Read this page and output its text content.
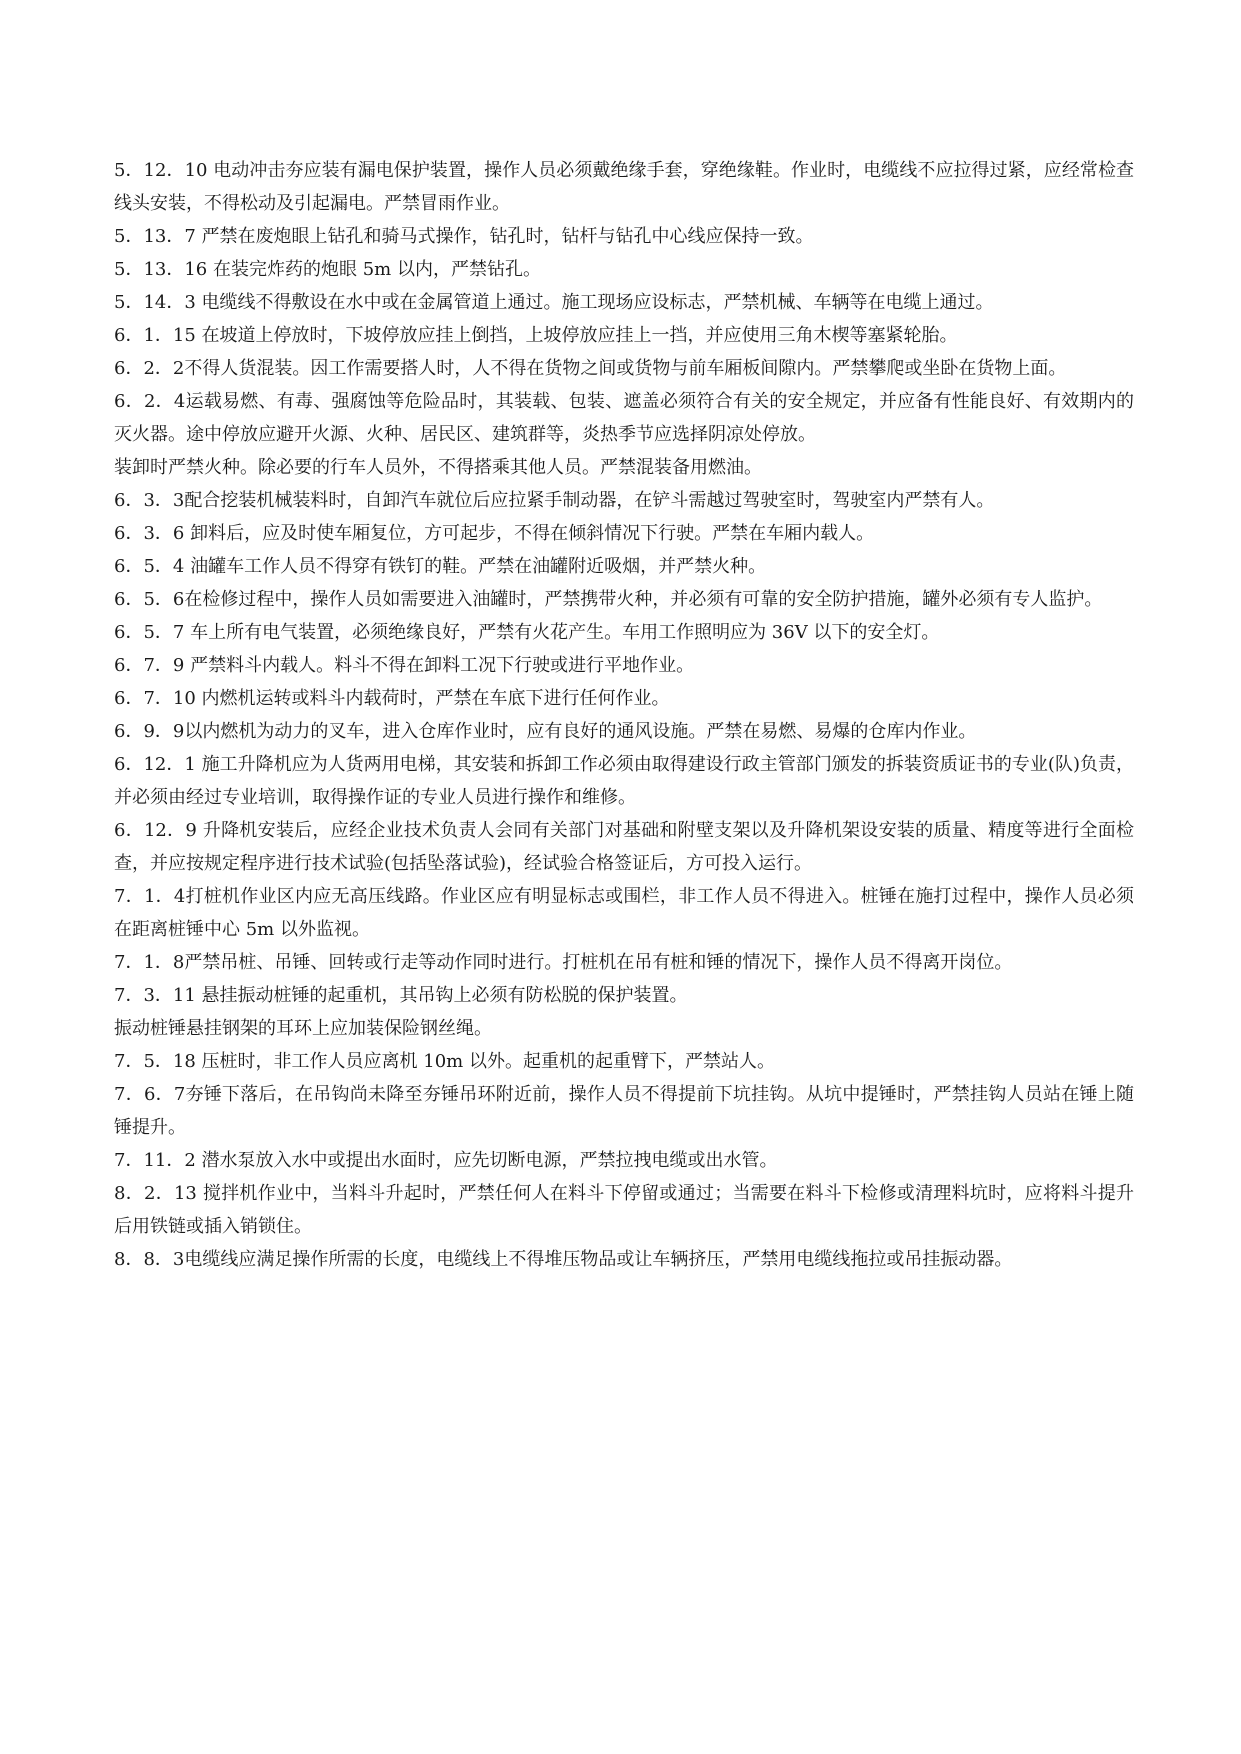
5．12．10 电动冲击夯应装有漏电保护装置，操作人员必须戴绝缘手套，穿绝缘鞋。作业时，电缆线不应拉得过紧，应经常检查线头安装，不得松动及引起漏电。严禁冒雨作业。

5．13．7 严禁在废炮眼上钻孔和骑马式操作，钻孔时，钻杆与钻孔中心线应保持一致。

5．13．16 在装完炸药的炮眼 5m 以内，严禁钻孔。

5．14．3 电缆线不得敷设在水中或在金属管道上通过。施工现场应设标志，严禁机械、车辆等在电缆上通过。

6．1．15 在坡道上停放时，下坡停放应挂上倒挡，上坡停放应挂上一挡，并应使用三角木楔等塞紧轮胎。

6．2．2不得人货混装。因工作需要搭人时，人不得在货物之间或货物与前车厢板间隙内。严禁攀爬或坐卧在货物上面。

6．2．4运载易燃、有毒、强腐蚀等危险品时，其装载、包装、遮盖必须符合有关的安全规定，并应备有性能良好、有效期内的灭火器。途中停放应避开火源、火种、居民区、建筑群等，炎热季节应选择阴凉处停放。

装卸时严禁火种。除必要的行车人员外，不得搭乘其他人员。严禁混装备用燃油。

6．3．3配合挖装机械装料时，自卸汽车就位后应拉紧手制动器，在铲斗需越过驾驶室时，驾驶室内严禁有人。

6．3．6 卸料后，应及时使车厢复位，方可起步，不得在倾斜情况下行驶。严禁在车厢内载人。

6．5．4 油罐车工作人员不得穿有铁钉的鞋。严禁在油罐附近吸烟，并严禁火种。

6．5．6在检修过程中，操作人员如需要进入油罐时，严禁携带火种，并必须有可靠的安全防护措施，罐外必须有专人监护。

6．5．7 车上所有电气装置，必须绝缘良好，严禁有火花产生。车用工作照明应为 36V 以下的安全灯。

6．7．9 严禁料斗内载人。料斗不得在卸料工况下行驶或进行平地作业。

6．7．10 内燃机运转或料斗内载荷时，严禁在车底下进行任何作业。

6．9．9以内燃机为动力的叉车，进入仓库作业时，应有良好的通风设施。严禁在易燃、易爆的仓库内作业。

6．12．1 施工升降机应为人货两用电梯，其安装和拆卸工作必须由取得建设行政主管部门颁发的拆装资质证书的专业(队)负责，并必须由经过专业培训，取得操作证的专业人员进行操作和维修。

6．12．9 升降机安装后，应经企业技术负责人会同有关部门对基础和附壁支架以及升降机架设安装的质量、精度等进行全面检查，并应按规定程序进行技术试验(包括坠落试验)，经试验合格签证后，方可投入运行。

7．1．4打桩机作业区内应无高压线路。作业区应有明显标志或围栏，非工作人员不得进入。桩锤在施打过程中，操作人员必须在距离桩锤中心 5m 以外监视。

7．1．8严禁吊桩、吊锤、回转或行走等动作同时进行。打桩机在吊有桩和锤的情况下，操作人员不得离开岗位。

7．3．11 悬挂振动桩锤的起重机，其吊钩上必须有防松脱的保护装置。

振动桩锤悬挂钢架的耳环上应加装保险钢丝绳。

7．5．18 压桩时，非工作人员应离机 10m 以外。起重机的起重臂下，严禁站人。

7．6．7夯锤下落后，在吊钩尚未降至夯锤吊环附近前，操作人员不得提前下坑挂钩。从坑中提锤时，严禁挂钩人员站在锤上随锤提升。

7．11．2 潜水泵放入水中或提出水面时，应先切断电源，严禁拉拽电缆或出水管。

8．2．13 搅拌机作业中，当料斗升起时，严禁任何人在料斗下停留或通过；当需要在料斗下检修或清理料坑时，应将料斗提升后用铁链或插入销锁住。

8．8．3电缆线应满足操作所需的长度，电缆线上不得堆压物品或让车辆挤压，严禁用电缆线拖拉或吊挂振动器。
